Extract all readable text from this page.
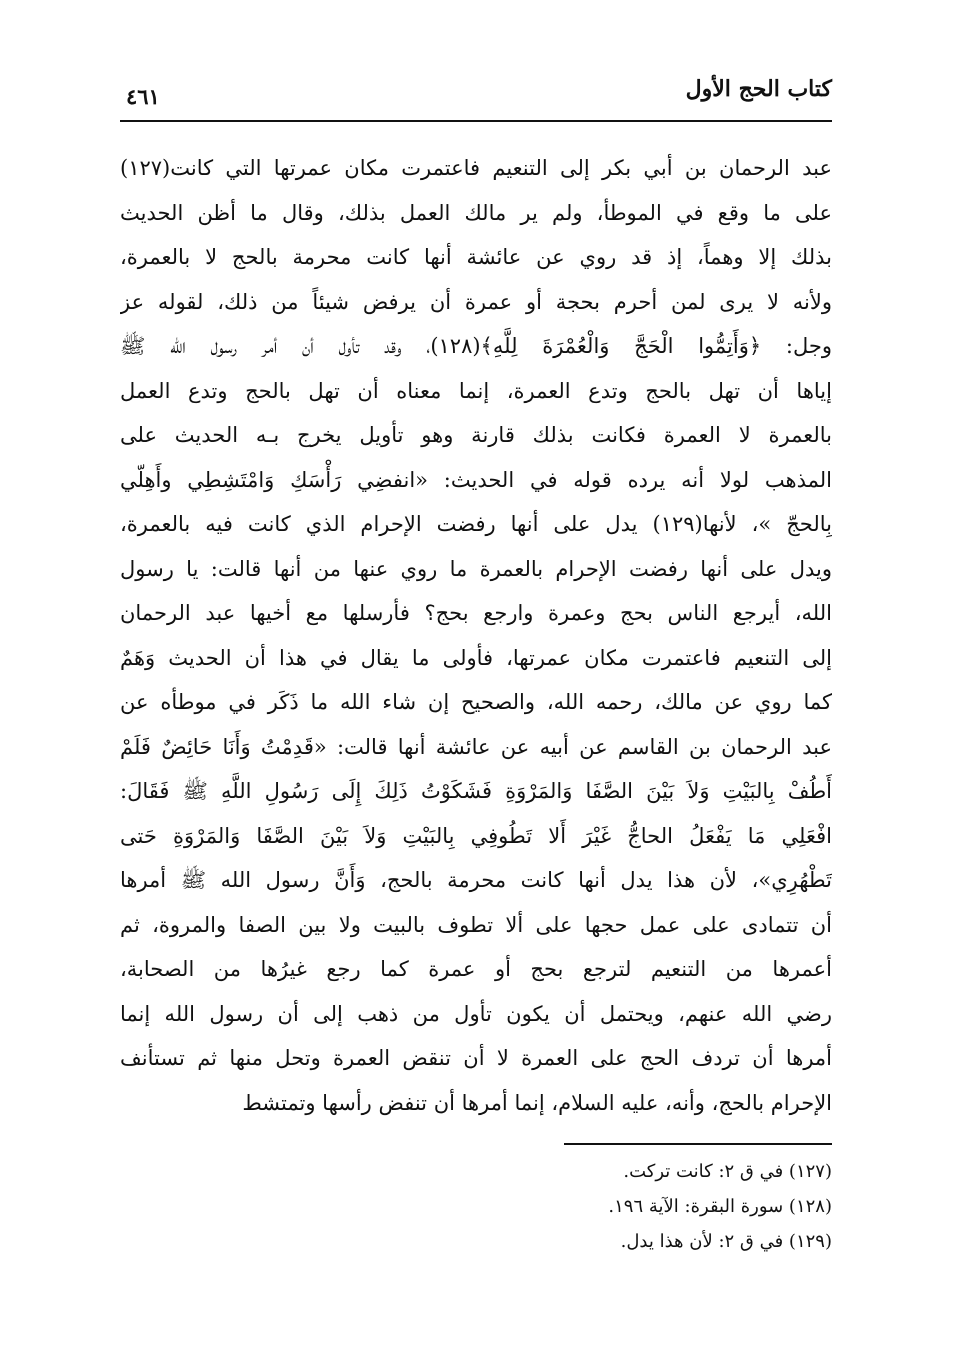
كتاب الحج الأول
٤٦١
عبد الرحمان بن أبي بكر إلى التنعيم فاعتمرت مكان عمرتها التي كانت(١٢٧)
على ما وقع في الموطأ، ولم ير مالك العمل بذلك، وقال ما أظن الحديث
بذلك إلا وهماً، إذ قد روي عن عائشة أنها كانت محرمة بالحج لا بالعمرة،
ولأنه لا يرى لمن أحرم بحجة أو عمرة أن يرفض شيئاً من ذلك، لقوله عز
وجل: ﴿وَأَتِمُّوا الْحَجَّ وَالْعُمْرَةَ لِلَّهِ﴾(١٢٨)، وقد تأول أن أمر رسول الله ﷺ
إياها أن تهل بالحج وتدع العمرة، إنما معناه أن تهل بالحج وتدع العمل
بالعمرة لا العمرة فكانت بذلك قارنة وهو تأويل يخرج بـه الحديث على
المذهب لولا أنه يرده قوله في الحديث: «انفضِي رَأْسَكِ وَامْتَشِطِي وأَهِلّي
بِالحجّ »، لأنها(١٢٩) يدل على أنها رفضت الإحرام الذي كانت فيه بالعمرة،
ويدل على أنها رفضت الإحرام بالعمرة ما روي عنها من أنها قالت: يا رسول
الله، أيرجع الناس بحج وعمرة وارجع بحج؟ فأرسلها مع أخيها عبد الرحمان
إلى التنعيم فاعتمرت مكان عمرتها، فأولى ما يقال في هذا أن الحديث وَهَمٌ
كما روي عن مالك، رحمه الله، والصحيح إن شاء الله ما ذَكَر في موطأه عن
عبد الرحمان بن القاسم عن أبيه عن عائشة أنها قالت: «قَدِمْتُ وَأَنَا حَائِضٌ فَلَمْ
أَطُفْ بِالبَيْتِ وَلاَ بَيْنَ الصَّفَا وَالمَرْوَةِ فَشَكَوْتُ ذَلِكَ إِلَى رَسُولِ اللَّهِ ﷺ فَقَالَ:
افْعَلِي مَا يَفْعَلُ الحاجُّ غَيْرَ أَلا تَطُوفِي بِالبَيْتِ وَلاَ بَيْنَ الصَّفَا وَالمَرْوَةِ حَتى
تَطْهُرِي»، لأن هذا يدل أنها كانت محرمة بالحج، وَأَنَّ رسول الله ﷺ أمرها
أن تتمادى على عمل حجها على ألا تطوف بالبيت ولا بين الصفا والمروة، ثم
أعمرها من التنعيم لترجع بحج أو عمرة كما رجع غيرُها من الصحابة،
رضي الله عنهم، ويحتمل أن يكون تأول من ذهب إلى أن رسول الله إنما
أمرها أن تردف الحج على العمرة لا أن تنقض العمرة وتحل منها ثم تستأنف
الإحرام بالحج، وأنه، عليه السلام، إنما أمرها أن تنفض رأسها وتمتشط
(١٢٧) في ق ٢: كانت تركت.
(١٢٨) سورة البقرة: الآية ١٩٦.
(١٢٩) في ق ٢: لأن هذا يدل.
